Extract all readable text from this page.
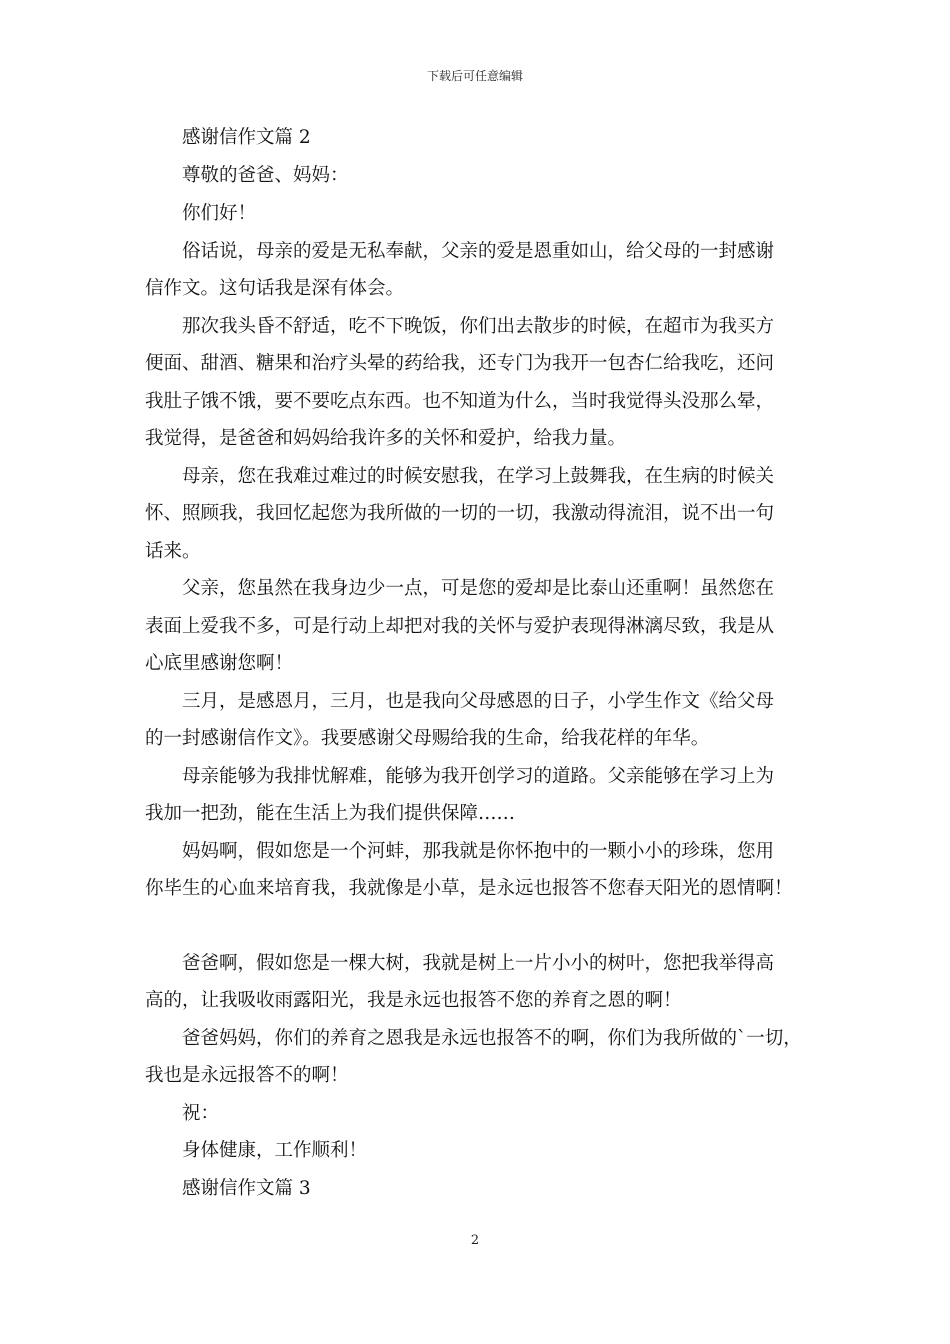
下载后可任意编辑
感谢信作文篇 2
尊敬的爸爸、妈妈：
你们好！
俗话说，母亲的爱是无私奉献，父亲的爱是恩重如山，给父母的一封感谢
信作文。这句话我是深有体会。
那次我头昏不舒适，吃不下晚饭，你们出去散步的时候，在超市为我买方
便面、甜酒、糖果和治疗头晕的药给我，还专门为我开一包杏仁给我吃，还问
我肚子饿不饿，要不要吃点东西。也不知道为什么，当时我觉得头没那么晕，
我觉得，是爸爸和妈妈给我许多的关怀和爱护，给我力量。
母亲，您在我难过难过的时候安慰我，在学习上鼓舞我，在生病的时候关
怀、照顾我，我回忆起您为我所做的一切的一切，我激动得流泪，说不出一句
话来。
父亲，您虽然在我身边少一点，可是您的爱却是比泰山还重啊！虽然您在
表面上爱我不多，可是行动上却把对我的关怀与爱护表现得淋漓尽致，我是从
心底里感谢您啊！
三月，是感恩月，三月，也是我向父母感恩的日子，小学生作文《给父母
的一封感谢信作文》。我要感谢父母赐给我的生命，给我花样的年华。
母亲能够为我排忧解难，能够为我开创学习的道路。父亲能够在学习上为
我加一把劲，能在生活上为我们提供保障……
妈妈啊，假如您是一个河蚌，那我就是你怀抱中的一颗小小的珍珠，您用
你毕生的心血来培育我，我就像是小草，是永远也报答不您春天阳光的恩情啊！
爸爸啊，假如您是一棵大树，我就是树上一片小小的树叶，您把我举得高
高的，让我吸收雨露阳光，我是永远也报答不您的养育之恩的啊！
爸爸妈妈，你们的养育之恩我是永远也报答不的啊，你们为我所做的`一切，
我也是永远报答不的啊！
祝：
身体健康，工作顺利！
感谢信作文篇 3
2
